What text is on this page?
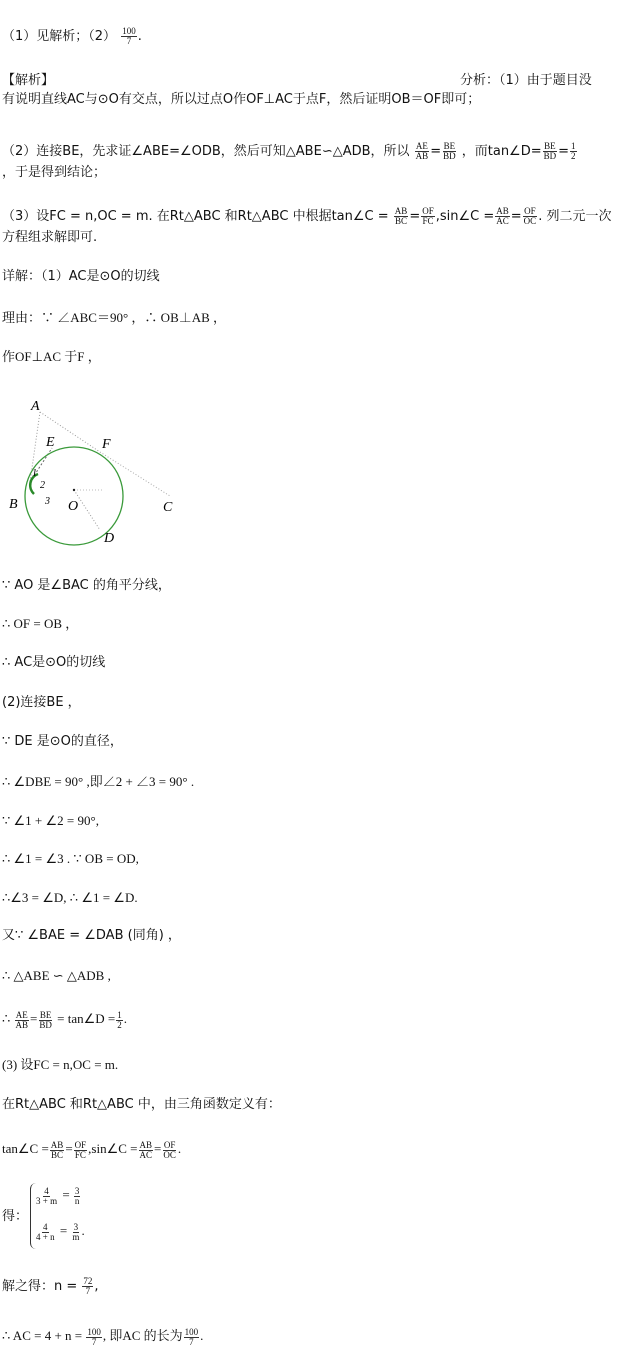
（1）见解析；$(2) \frac{100}{7}$ .
【解析】	分析：（1）由于题目没
有说明直线AC与⊙O有交点，所以过点O作OF⊥AC于点F，然后证明OB＝OF即可；
（2）连接BE，先求证∠ABE=∠ODB，然后可知△ABE∽△ADB，所以 $\frac{AE}{AB} = \frac{BE}{BD}$ ，而tan∠D= $\frac{BE}{BD} = \frac{1}{2}$
，于是得到结论；
（3）设FC = n,OC = m. 在Rt△ABC 和Rt△ABC 中根据tan∠C = $\frac{AB}{BC} = \frac{OF}{FC}$ ,sin∠C = $\frac{AB}{AC} = \frac{OF}{OC}$ . 列二元一次
方程组求解即可.
详解：（1）AC是⊙O的切线
理由：∵ ∠ABC＝90° ，∴ OB⊥AB ，
作OF⊥AC 于F ，
A
E	F
B	O	C
D
1
2
3
∵ AO 是∠BAC 的角平分线，
∴ OF = OB ，
∴ AC是⊙O的切线
(2)连接BE ，
∵ DE 是⊙O的直径，
∴ ∠DBE = 90° ,即∠2 + ∠3 = 90° .
∵ ∠1 + ∠2 = 90°,
∴ ∠1 = ∠3 . ∵ OB = OD,
∴∠3 = ∠D, ∴ ∠1 = ∠D.
又∵ ∠BAE = ∠DAB (同角) ，
∴ △ABE ∽ △ADB ,
∴ $\frac{AE}{AB} = \frac{BE}{BD}$ = tan∠D = $\frac{1}{2}$ .
(3) 设FC = n,OC = m.
在Rt△ABC 和Rt△ABC 中，由三角函数定义有：
tan∠C = $\frac{AB}{BC} = \frac{OF}{FC}$ ,sin∠C = $\frac{AB}{AC} = \frac{OF}{OC}$ .
得：
$\frac{4}{3 + m} = \frac{3}{n}$
$\frac{4}{4 + n} = \frac{3}{m}$ .
解之得：$n = \frac{72}{7}$ ,
∴ AC = $4 + n = \frac{100}{7}$ , 即AC 的长为 $\frac{100}{7}$ .
